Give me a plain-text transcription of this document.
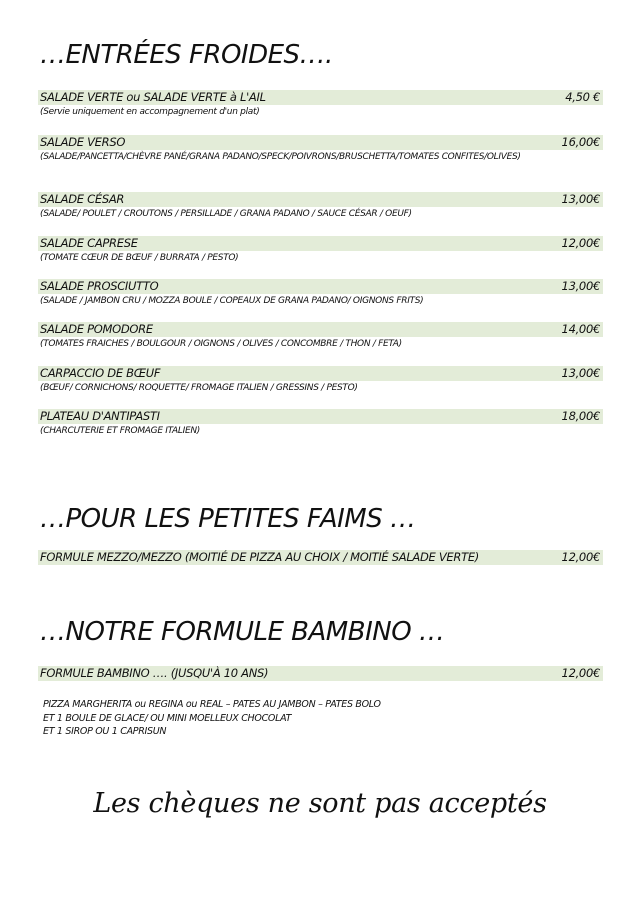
…ENTRÉES FROIDES….
SALADE VERTE ou SALADE VERTE à L'AIL	4,50 €
(Servie uniquement en accompagnement d'un plat)
SALADE VERSO	16,00€
(SALADE/PANCETTA/CHÈVRE PANÉ/GRANA PADANO/SPECK/POIVRONS/BRUSCHETTA/TOMATES CONFITES/OLIVES)
SALADE CÉSAR	13,00€
(SALADE/ POULET / CROUTONS / PERSILLADE / GRANA PADANO / SAUCE CÉSAR / OEUF)
SALADE CAPRESE	12,00€
(TOMATE CŒUR DE BŒUF / BURRATA / PESTO)
SALADE PROSCIUTTO	13,00€
(SALADE / JAMBON CRU / MOZZA BOULE / COPEAUX DE GRANA PADANO/ OIGNONS FRITS)
SALADE POMODORE	14,00€
(TOMATES FRAICHES / BOULGOUR / OIGNONS / OLIVES / CONCOMBRE / THON / FETA)
CARPACCIO DE BŒUF	13,00€
(BŒUF/ CORNICHONS/ ROQUETTE/ FROMAGE ITALIEN / GRESSINS / PESTO)
PLATEAU D'ANTIPASTI	18,00€
(CHARCUTERIE ET FROMAGE ITALIEN)
…POUR LES PETITES FAIMS …
FORMULE MEZZO/MEZZO (MOITIÉ DE PIZZA AU CHOIX / MOITIÉ SALADE VERTE)	12,00€
…NOTRE FORMULE BAMBINO …
FORMULE BAMBINO …. (JUSQU'À 10 ANS)	12,00€
PIZZA MARGHERITA ou REGINA ou REAL – PATES AU JAMBON – PATES BOLO
ET 1 BOULE DE GLACE/ OU MINI MOELLEUX CHOCOLAT
ET 1 SIROP OU 1 CAPRISUN
Les chèques ne sont pas acceptés
